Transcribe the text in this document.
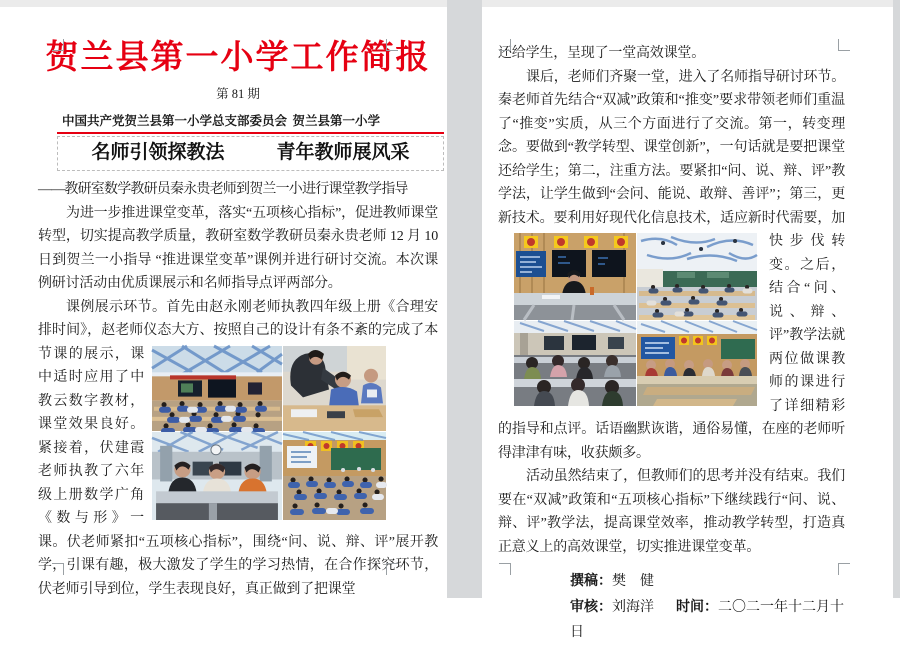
贺兰县第一小学工作简报
第 81 期
中国共产党贺兰县第一小学总支部委员会 贺兰县第一小学
名师引领探教法	青年教师展风采

——教研室数学教研员秦永贵老师到贺兰一小进行课堂教学指导

为进一步推进课堂变革，落实“五项核心指标”，促进教师课堂转型，切实提高教学质量，教研室数学教研员秦永贵老师 12 月 10 日到贺兰一小指导 “推进课堂变革”课例并进行研讨交流。本次课例研讨活动由优质课展示和名师指导点评两部分。

课例展示环节。首先由赵永刚老师执教四年级上册《合理安排时间》，赵老师仪态大方、按照自己的设计有条不紊的完成了本节课的
展示，课中适时应用了中教云数字教材，课堂效果良好。紧接着，伏建霞老师执教了六年级上册数学广角《数与形》一课。伏老师紧扣“五项核心指标”，围绕“问、说、辩、评”展开教学，引课有趣，极大激发了学生的学习热情，在合作探究环节，伏老师引导到位，学生表现良好，真正做到了把课堂

还给学生，呈现了一堂高效课堂。

课后，老师们齐聚一堂，进入了名师指导研讨环节。秦老师首先结合“双减”政策和“推变”要求带领老师们重温了“推变”实质，从三个方面进行了交流。第一，转变理念。要做到“教学转型、课堂创新”，一句话就是要把课堂还给学生；第二，注重方法。要紧扣“问、说、辩、评”教学法，让学生做到“会问、能说、敢辩、善评”；第三，更新技术。要利用好现代化信息技术，适应新时代需要，加快步
伐转变。之后，结合“问、说、辩、评”教学法就两位做课教师的课进行了详细精彩的指导和点评。话语幽默诙谐，通俗易懂，在座的老师听得津津有味，收获颇多。

活动虽然结束了，但教师们的思考并没有结束。我们要在“双减”政策和“五项核心指标”下继续践行“问、说、辩、评”教学法，提高课堂效率，推动教学转型，打造真正意义上的高效课堂，切实推进课堂变革。

撰稿：樊　健
审核：刘海洋 时间：二〇二一年十二月十日
